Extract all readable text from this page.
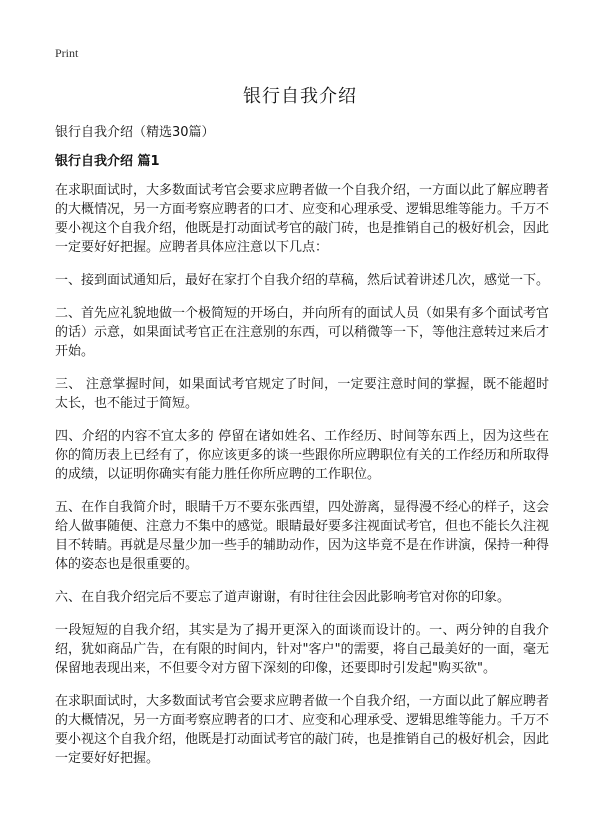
Print
银行自我介绍

银行自我介绍（精选30篇）

银行自我介绍 篇1

在求职面试时，大多数面试考官会要求应聘者做一个自我介绍，一方面以此了解应聘者的大概情况，另一方面考察应聘者的口才、应变和心理承受、逻辑思维等能力。千万不要小视这个自我介绍，他既是打动面试考官的敲门砖，也是推销自己的极好机会，因此一定要好好把握。应聘者具体应注意以下几点：

一、接到面试通知后，最好在家打个自我介绍的草稿，然后试着讲述几次，感觉一下。

二、首先应礼貌地做一个极简短的开场白，并向所有的面试人员（如果有多个面试考官的话）示意，如果面试考官正在注意别的东西，可以稍微等一下，等他注意转过来后才开始。

三、 注意掌握时间，如果面试考官规定了时间，一定要注意时间的掌握，既不能超时太长，也不能过于简短。

四、介绍的内容不宜太多的 停留在诸如姓名、工作经历、时间等东西上，因为这些在你的简历表上已经有了，你应该更多的谈一些跟你所应聘职位有关的工作经历和所取得的成绩，以证明你确实有能力胜任你所应聘的工作职位。

五、在作自我简介时，眼睛千万不要东张西望，四处游离，显得漫不经心的样子，这会给人做事随便、注意力不集中的感觉。眼睛最好要多注视面试考官，但也不能长久注视目不转睛。再就是尽量少加一些手的辅助动作，因为这毕竟不是在作讲演，保持一种得体的姿态也是很重要的。

六、在自我介绍完后不要忘了道声谢谢，有时往往会因此影响考官对你的印象。

一段短短的自我介绍，其实是为了揭开更深入的面谈而设计的。一、两分钟的自我介绍，犹如商品广告，在有限的时间内，针对"客户"的需要，将自己最美好的一面，毫无保留地表现出来，不但要令对方留下深刻的印像，还要即时引发起"购买欲"。

在求职面试时，大多数面试考官会要求应聘者做一个自我介绍，一方面以此了解应聘者的大概情况，另一方面考察应聘者的口才、应变和心理承受、逻辑思维等能力。千万不要小视这个自我介绍，他既是打动面试考官的敲门砖，也是推销自己的极好机会，因此一定要好好把握。
